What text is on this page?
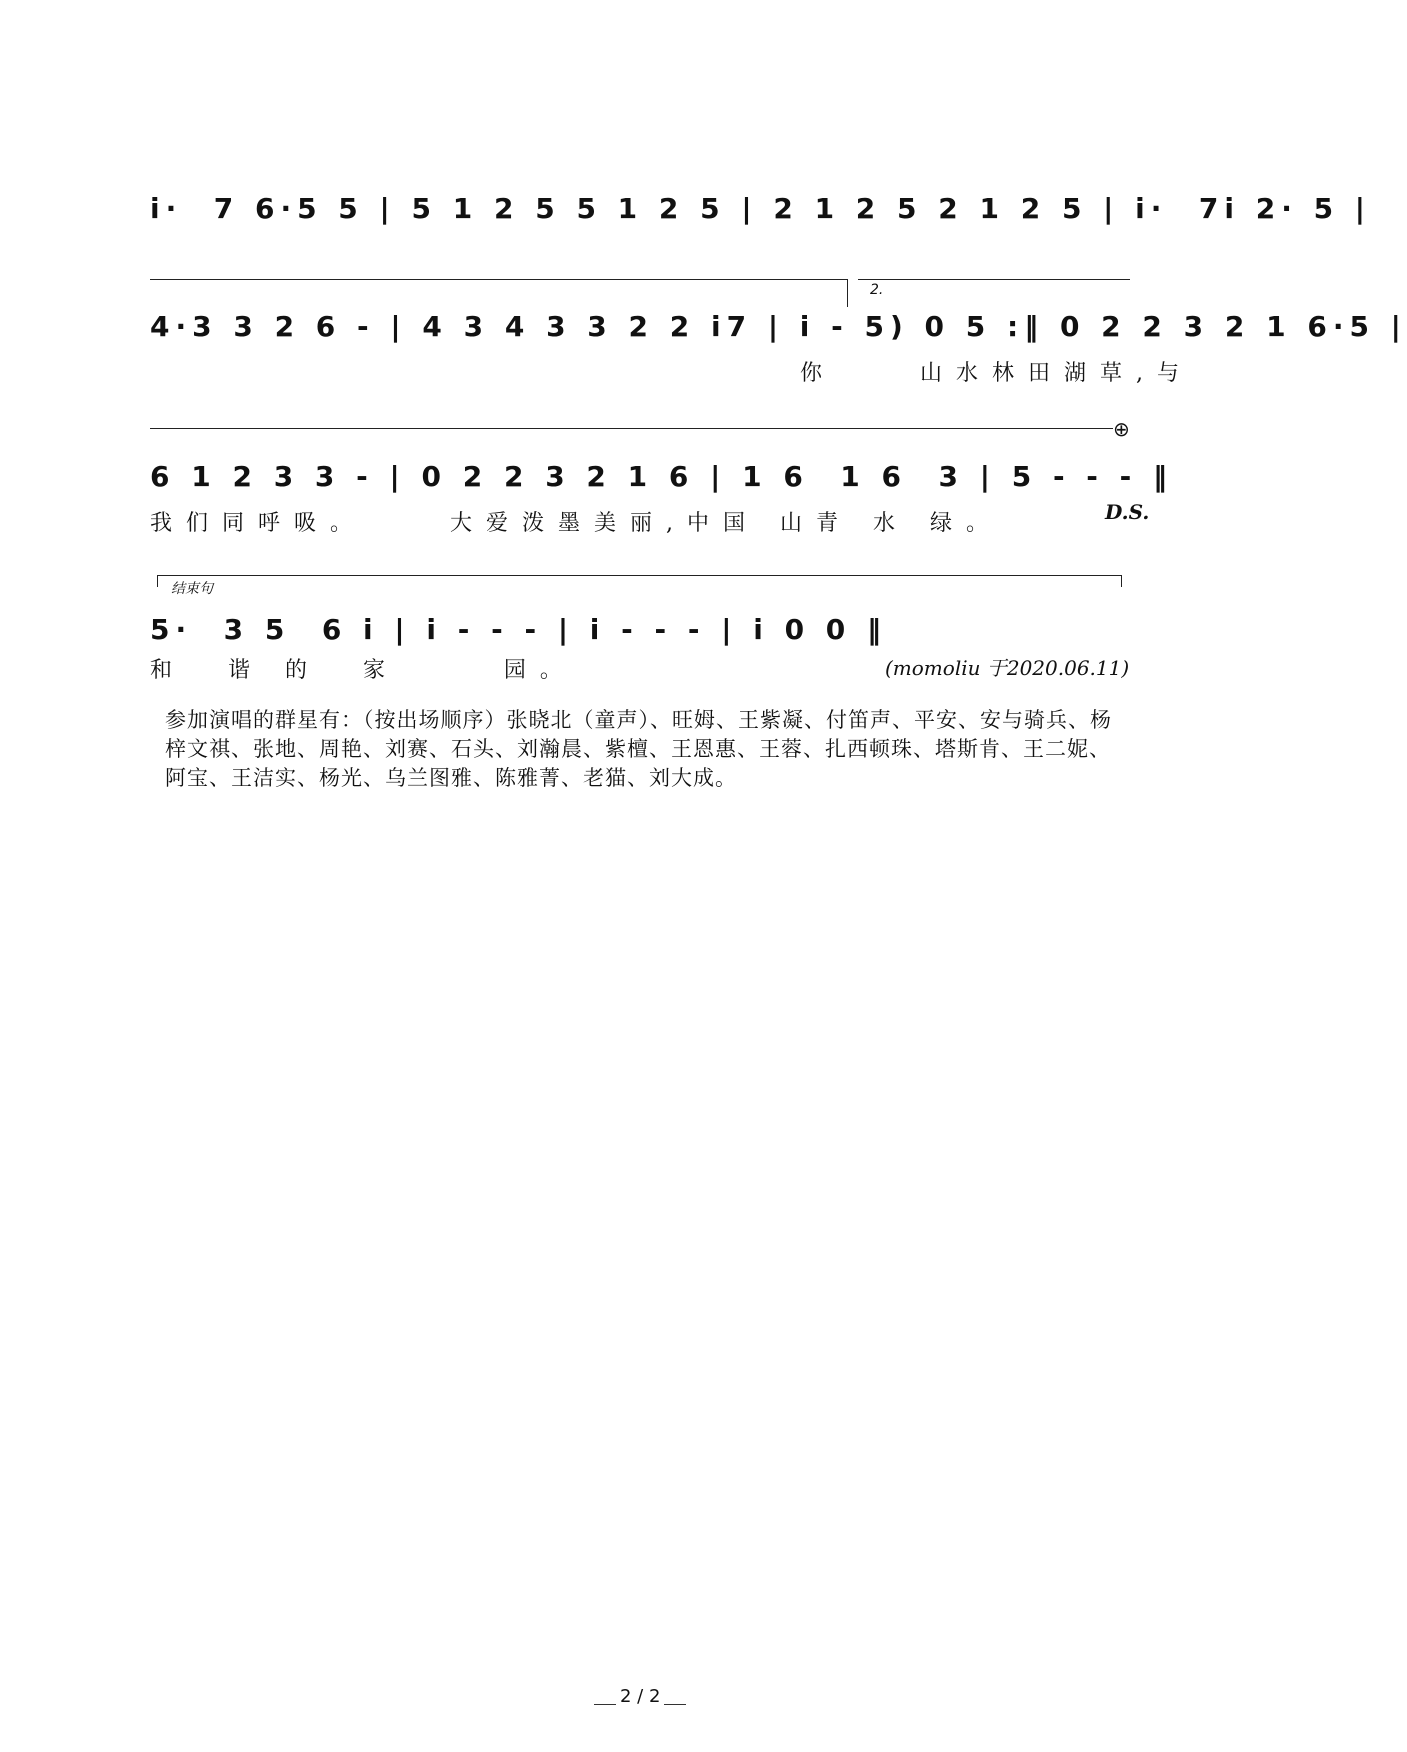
i·  7 6·5 5 | 5 1 2 5 5 1 2 5 | 2 1 2 5 2 1 2 5 | i·  7i 2· 5 |
2.
4·3 3 2 6 - | 4 3 4 3 3 2 2 i7 | i - 5) 0 5 :‖ 0 2 2 3 2 1 6·5 |
你    山水林田湖草,与
⊕
6 1 2 3 3 - | 0 2 2 3 2 1 6 | 1 6  1 6  3 | 5 - - - ‖
我们同呼吸。    大爱泼墨美丽,中国 山青 水 绿。	D.S.
结束句
5·  3 5  6 i | i - - - | i - - - | i 0 0 ‖
和  谐 的  家     园。	(momoliu 于2020.06.11)
参加演唱的群星有：（按出场顺序）张晓北（童声）、旺姆、王紫凝、付笛声、平安、安与骑兵、杨梓文祺、张地、周艳、刘赛、石头、刘瀚晨、紫檀、王恩惠、王蓉、扎西顿珠、塔斯肯、王二妮、阿宝、王洁实、杨光、乌兰图雅、陈雅菁、老猫、刘大成。
2 / 2
